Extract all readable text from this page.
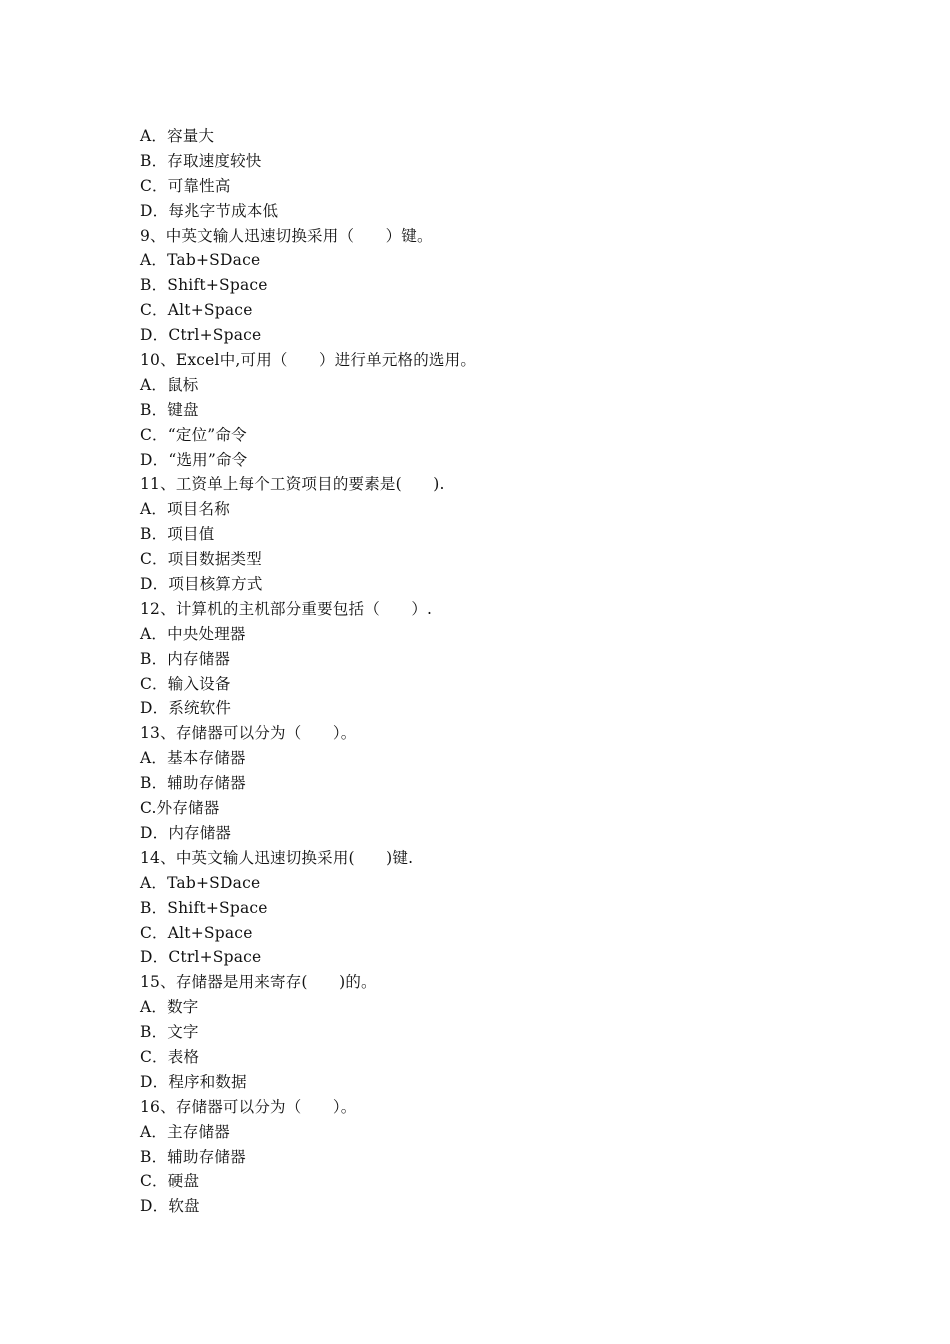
A．容量大
B．存取速度较快
C．可靠性高
D．每兆字节成本低
9、中英文输人迅速切换采用（　　）键。
A．Tab+SDace
B．Shift+Space
C．Alt+Space
D．Ctrl+Space
10、Excel中,可用（　　）进行单元格的选用。
A．鼠标
B．键盘
C．“定位”命令
D．“选用”命令
11、工资单上每个工资项目的要素是(　　).
A．项目名称
B．项目值
C．项目数据类型
D．项目核算方式
12、计算机的主机部分重要包括（　　）.
A．中央处理器
B．内存储器
C．输入设备
D．系统软件
13、存储器可以分为（　　）。
A．基本存储器
B．辅助存储器
C.外存储器
D．内存储器
14、中英文输人迅速切换采用(　　)键.
A．Tab+SDace
B．Shift+Space
C．Alt+Space
D．Ctrl+Space
15、存储器是用来寄存(　　)的。
A．数字
B．文字
C．表格
D．程序和数据
16、存储器可以分为（　　）。
A．主存储器
B．辅助存储器
C．硬盘
D．软盘
